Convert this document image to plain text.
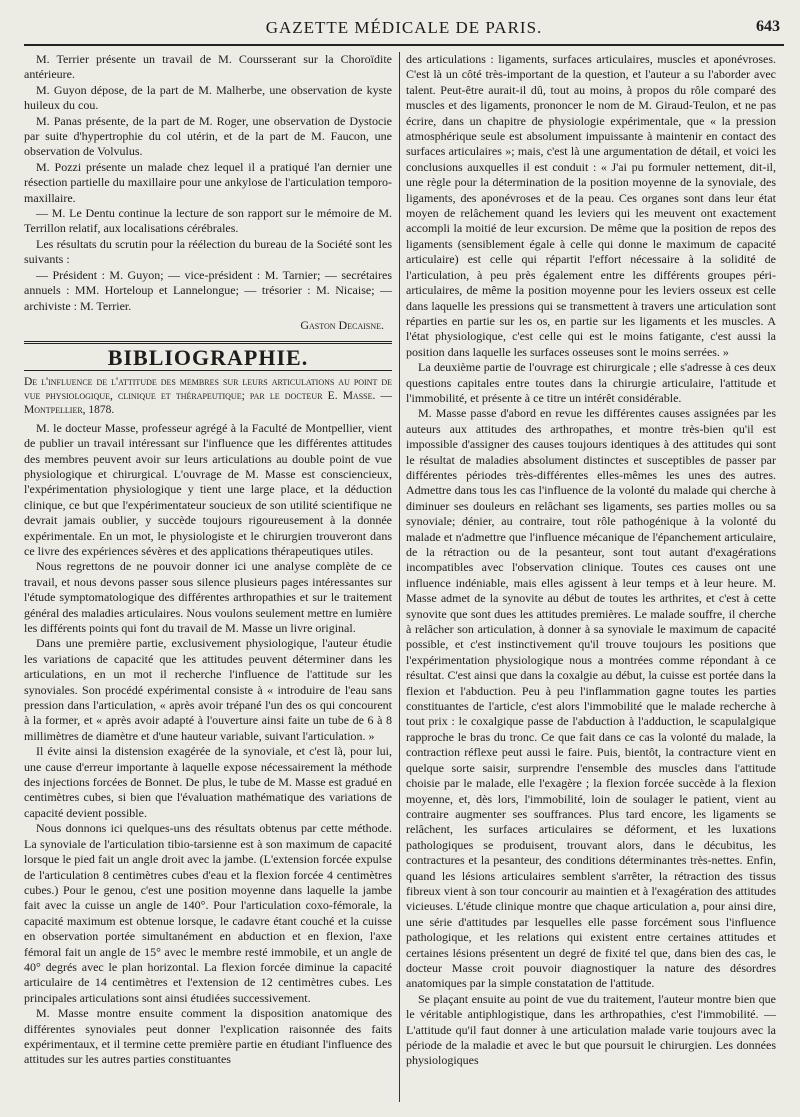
GAZETTE MÉDICALE DE PARIS.	643

M. Terrier présente un travail de M. Coursserant sur la Choroïdite antérieure.

M. Guyon dépose, de la part de M. Malherbe, une observation de kyste huileux du cou.

M. Panas présente, de la part de M. Roger, une observation de Dystocie par suite d'hypertrophie du col utérin, et de la part de M. Faucon, une observation de Volvulus.

M. Pozzi présente un malade chez lequel il a pratiqué l'an dernier une résection partielle du maxillaire pour une ankylose de l'articulation temporo-maxillaire.

— M. Le Dentu continue la lecture de son rapport sur le mémoire de M. Terrillon relatif, aux localisations cérébrales.

Les résultats du scrutin pour la réélection du bureau de la Société sont les suivants :

— Président : M. Guyon; — vice-président : M. Tarnier; — secrétaires annuels : MM. Horteloup et Lannelongue; — trésorier : M. Nicaise; — archiviste : M. Terrier.

Gaston Decaisne.

BIBLIOGRAPHIE.

De l'influence de l'attitude des membres sur leurs articulations au point de vue physiologique, clinique et thérapeutique; par le docteur E. Masse. — Montpellier, 1878.

M. le docteur Masse, professeur agrégé à la Faculté de Montpellier, vient de publier un travail intéressant sur l'influence que les différentes attitudes des membres peuvent avoir sur leurs articulations au double point de vue physiologique et chirurgical. L'ouvrage de M. Masse est consciencieux, l'expérimentation physiologique y tient une large place, et la déduction clinique, ce but que l'expérimentateur soucieux de son utilité scientifique ne devrait jamais oublier, y succède toujours rigoureusement à la donnée expérimentale. En un mot, le physiologiste et le chirurgien trouveront dans ce livre des expériences sévères et des applications thérapeutiques utiles.

Nous regrettons de ne pouvoir donner ici une analyse complète de ce travail, et nous devons passer sous silence plusieurs pages intéressantes sur l'étude symptomatologique des différentes arthropathies et sur le traitement général des maladies articulaires. Nous voulons seulement mettre en lumière les différents points qui font du travail de M. Masse un livre original.

Dans une première partie, exclusivement physiologique, l'auteur étudie les variations de capacité que les attitudes peuvent déterminer dans les articulations, en un mot il recherche l'influence de l'attitude sur les synoviales. Son procédé expérimental consiste à « introduire de l'eau sans pression dans l'articulation, « après avoir trépané l'un des os qui concourent à la former, et « après avoir adapté à l'ouverture ainsi faite un tube de 6 à 8 millimètres de diamètre et d'une hauteur variable, suivant l'articulation. »

Il évite ainsi la distension exagérée de la synoviale, et c'est là, pour lui, une cause d'erreur importante à laquelle expose nécessairement la méthode des injections forcées de Bonnet. De plus, le tube de M. Masse est gradué en centimètres cubes, si bien que l'évaluation mathématique des variations de capacité devient possible.

Nous donnons ici quelques-uns des résultats obtenus par cette méthode. La synoviale de l'articulation tibio-tarsienne est à son maximum de capacité lorsque le pied fait un angle droit avec la jambe. (L'extension forcée expulse de l'articulation 8 centimètres cubes d'eau et la flexion forcée 4 centimètres cubes.) Pour le genou, c'est une position moyenne dans laquelle la jambe fait avec la cuisse un angle de 140°. Pour l'articulation coxo-fémorale, la capacité maximum est obtenue lorsque, le cadavre étant couché et la cuisse en observation portée simultanément en abduction et en flexion, l'axe fémoral fait un angle de 15° avec le membre resté immobile, et un angle de 40° degrés avec le plan horizontal. La flexion forcée diminue la capacité articulaire de 14 centimètres et l'extension de 12 centimètres cubes. Les principales articulations sont ainsi étudiées successivement.

M. Masse montre ensuite comment la disposition anatomique des différentes synoviales peut donner l'explication raisonnée des faits expérimentaux, et il termine cette première partie en étudiant l'influence des attitudes sur les autres parties constituantes

des articulations : ligaments, surfaces articulaires, muscles et aponévroses. C'est là un côté très-important de la question, et l'auteur a su l'aborder avec talent. Peut-être aurait-il dû, tout au moins, à propos du rôle comparé des muscles et des ligaments, prononcer le nom de M. Giraud-Teulon, et ne pas écrire, dans un chapitre de physiologie expérimentale, que « la pression atmosphérique seule est absolument impuissante à maintenir en contact des surfaces articulaires »; mais, c'est là une argumentation de détail, et voici les conclusions auxquelles il est conduit : « J'ai pu formuler nettement, dit-il, une règle pour la détermination de la position moyenne de la synoviale, des ligaments, des aponévroses et de la peau. Ces organes sont dans leur état moyen de relâchement quand les leviers qui les meuvent ont exactement accompli la moitié de leur excursion. De même que la position de repos des ligaments (sensiblement égale à celle qui donne le maximum de capacité articulaire) est celle qui répartit l'effort nécessaire à la solidité de l'articulation, à peu près également entre les différents groupes péri-articulaires, de même la position moyenne pour les leviers osseux est celle dans laquelle les pressions qui se transmettent à travers une articulation sont réparties en partie sur les os, en partie sur les ligaments et les muscles. A l'état physiologique, c'est celle qui est le moins fatigante, c'est aussi la position dans laquelle les surfaces osseuses sont le moins serrées. »

La deuxième partie de l'ouvrage est chirurgicale ; elle s'adresse à ces deux questions capitales entre toutes dans la chirurgie articulaire, l'attitude et l'immobilité, et présente à ce titre un intérêt considérable.

M. Masse passe d'abord en revue les différentes causes assignées par les auteurs aux attitudes des arthropathes, et montre très-bien qu'il est impossible d'assigner des causes toujours identiques à des attitudes qui sont le résultat de maladies absolument distinctes et susceptibles de passer par différentes périodes très-différentes elles-mêmes les unes des autres. Admettre dans tous les cas l'influence de la volonté du malade qui cherche à diminuer ses douleurs en relâchant ses ligaments, ses parties molles ou sa synoviale; dénier, au contraire, tout rôle pathogénique à la volonté du malade et n'admettre que l'influence mécanique de l'épanchement articulaire, de la rétraction ou de la pesanteur, sont tout autant d'exagérations incompatibles avec l'observation clinique. Toutes ces causes ont une influence indéniable, mais elles agissent à leur temps et à leur heure. M. Masse admet de la synovite au début de toutes les arthrites, et c'est à cette synovite que sont dues les attitudes premières. Le malade souffre, il cherche à relâcher son articulation, à donner à sa synoviale le maximum de capacité possible, et c'est instinctivement qu'il trouve toujours les positions que l'expérimentation physiologique nous a montrées comme répondant à ce résultat. C'est ainsi que dans la coxalgie au début, la cuisse est portée dans la flexion et l'abduction. Peu à peu l'inflammation gagne toutes les parties constituantes de l'article, c'est alors l'immobilité que le malade recherche à tout prix : le coxalgique passe de l'abduction à l'adduction, le scapulalgique rapproche le bras du tronc. Ce que fait dans ce cas la volonté du malade, la contraction réflexe peut aussi le faire. Puis, bientôt, la contracture vient en quelque sorte saisir, surprendre l'ensemble des muscles dans l'attitude choisie par le malade, elle l'exagère ; la flexion forcée succède à la flexion moyenne, et, dès lors, l'immobilité, loin de soulager le patient, vient au contraire augmenter ses souffrances. Plus tard encore, les ligaments se relâchent, les surfaces articulaires se déforment, et les luxations pathologiques se produisent, trouvant alors, dans le décubitus, les contractures et la pesanteur, des conditions déterminantes très-nettes. Enfin, quand les lésions articulaires semblent s'arrêter, la rétraction des tissus fibreux vient à son tour concourir au maintien et à l'exagération des attitudes vicieuses. L'étude clinique montre que chaque articulation a, pour ainsi dire, une série d'attitudes par lesquelles elle passe forcément sous l'influence pathologique, et les relations qui existent entre certaines attitudes et certaines lésions présentent un degré de fixité tel que, dans bien des cas, le docteur Masse croit pouvoir diagnostiquer la nature des désordres anatomiques par la simple constatation de l'attitude.

Se plaçant ensuite au point de vue du traitement, l'auteur montre bien que le véritable antiphlogistique, dans les arthropathies, c'est l'immobilité. — L'attitude qu'il faut donner à une articulation malade varie toujours avec la période de la maladie et avec le but que poursuit le chirurgien. Les données physiologiques
